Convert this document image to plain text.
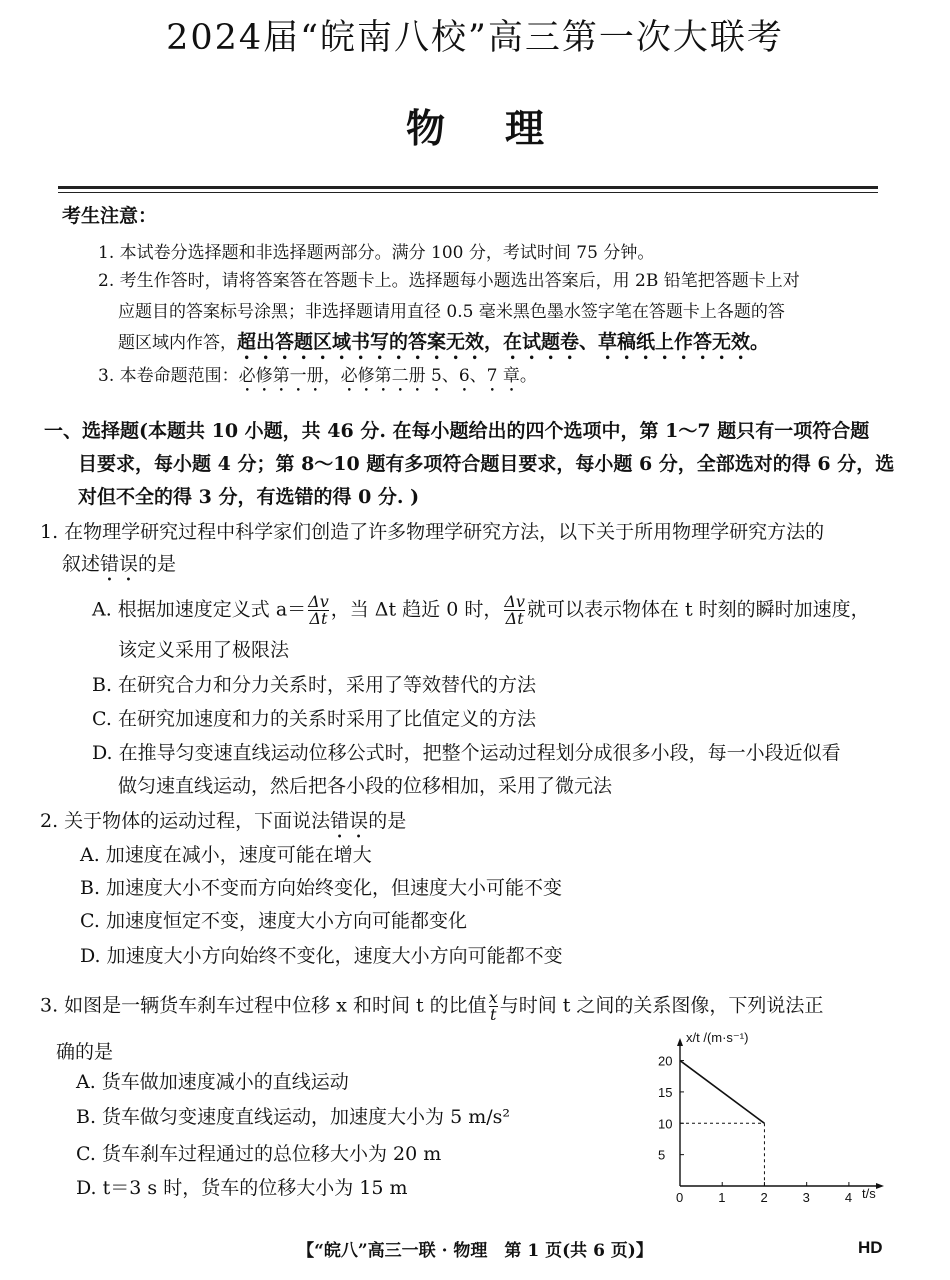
2024届“皖南八校”高三第一次大联考
物理
考生注意：
1. 本试卷分选择题和非选择题两部分。满分 100 分，考试时间 75 分钟。
2. 考生作答时，请将答案答在答题卡上。选择题每小题选出答案后，用 2B 铅笔把答题卡上对
应题目的答案标号涂黑；非选择题请用直径 0.5 毫米黑色墨水签字笔在答题卡上各题的答
题区域内作答，超出答题区域书写的答案无效，在试题卷、草稿纸上作答无效。
3. 本卷命题范围：必修第一册，必修第二册 5、6、7 章。
一、选择题(本题共 10 小题，共 46 分. 在每小题给出的四个选项中，第 1～7 题只有一项符合题
目要求，每小题 4 分；第 8～10 题有多项符合题目要求，每小题 6 分，全部选对的得 6 分，选
对但不全的得 3 分，有选错的得 0 分. )
1. 在物理学研究过程中科学家们创造了许多物理学研究方法，以下关于所用物理学研究方法的
叙述错误的是
A. 根据加速度定义式 $a= \frac{\Delta v}{\Delta t}$ ，当 Δt 趋近 0 时， $\frac{\Delta v}{\Delta t}$ 就可以表示物体在 t 时刻的瞬时加速度，
该定义采用了极限法
B. 在研究合力和分力关系时，采用了等效替代的方法
C. 在研究加速度和力的关系时采用了比值定义的方法
D. 在推导匀变速直线运动位移公式时，把整个运动过程划分成很多小段，每一小段近似看
做匀速直线运动，然后把各小段的位移相加，采用了微元法
2. 关于物体的运动过程，下面说法错误的是
A. 加速度在减小，速度可能在增大
B. 加速度大小不变而方向始终变化，但速度大小可能不变
C. 加速度恒定不变，速度大小方向可能都变化
D. 加速度大小方向始终不变化，速度大小方向可能都不变
3. 如图是一辆货车刹车过程中位移 x 和时间 t 的比值 $\frac{x}{t}$ 与时间 t 之间的关系图像，下列说法正
确的是
A. 货车做加速度减小的直线运动
B. 货车做匀变速度直线运动，加速度大小为 5 m/s²
C. 货车刹车过程通过的总位移大小为 20 m
D. t＝3 s 时，货车的位移大小为 15 m	0	1	2	3	4
5
10
15
20
x/t /(m·s⁻¹)
t/s
【“皖八”高三一联 · 物理　第 1 页(共 6 页)】	HD
